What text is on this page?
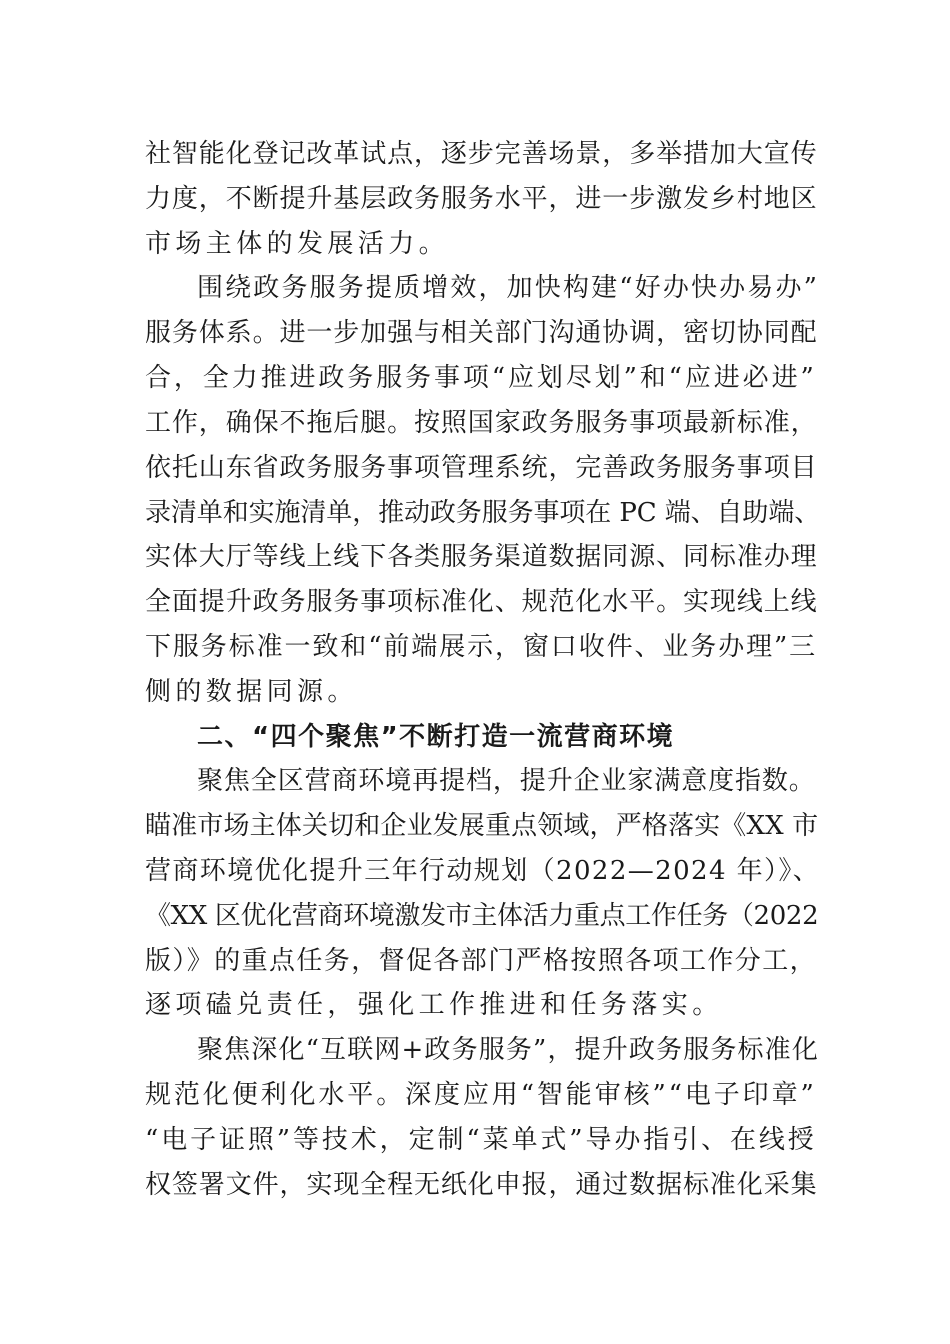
社智能化登记改革试点，逐步完善场景，多举措加大宣传
力度，不断提升基层政务服务水平，进一步激发乡村地区
市场主体的发展活力。
围绕政务服务提质增效，加快构建“好办快办易办”
服务体系。进一步加强与相关部门沟通协调，密切协同配
合，全力推进政务服务事项“应划尽划”和“应进必进”
工作，确保不拖后腿。按照国家政务服务事项最新标准，
依托山东省政务服务事项管理系统，完善政务服务事项目
录清单和实施清单，推动政务服务事项在 PC 端、自助端、
实体大厅等线上线下各类服务渠道数据同源、同标准办理
全面提升政务服务事项标准化、规范化水平。实现线上线
下服务标准一致和“前端展示，窗口收件、业务办理”三
侧的数据同源。
二、“四个聚焦”不断打造一流营商环境
聚焦全区营商环境再提档，提升企业家满意度指数。
瞄准市场主体关切和企业发展重点领域，严格落实《XX 市
营商环境优化提升三年行动规划（2022—2024 年）》、
《XX 区优化营商环境激发市主体活力重点工作任务（2022
版）》的重点任务，督促各部门严格按照各项工作分工，
逐项磕兑责任，强化工作推进和任务落实。
聚焦深化“互联网+政务服务”，提升政务服务标准化
规范化便利化水平。深度应用“智能审核”“电子印章”
“电子证照”等技术，定制“菜单式”导办指引、在线授
权签署文件，实现全程无纸化申报，通过数据标准化采集
